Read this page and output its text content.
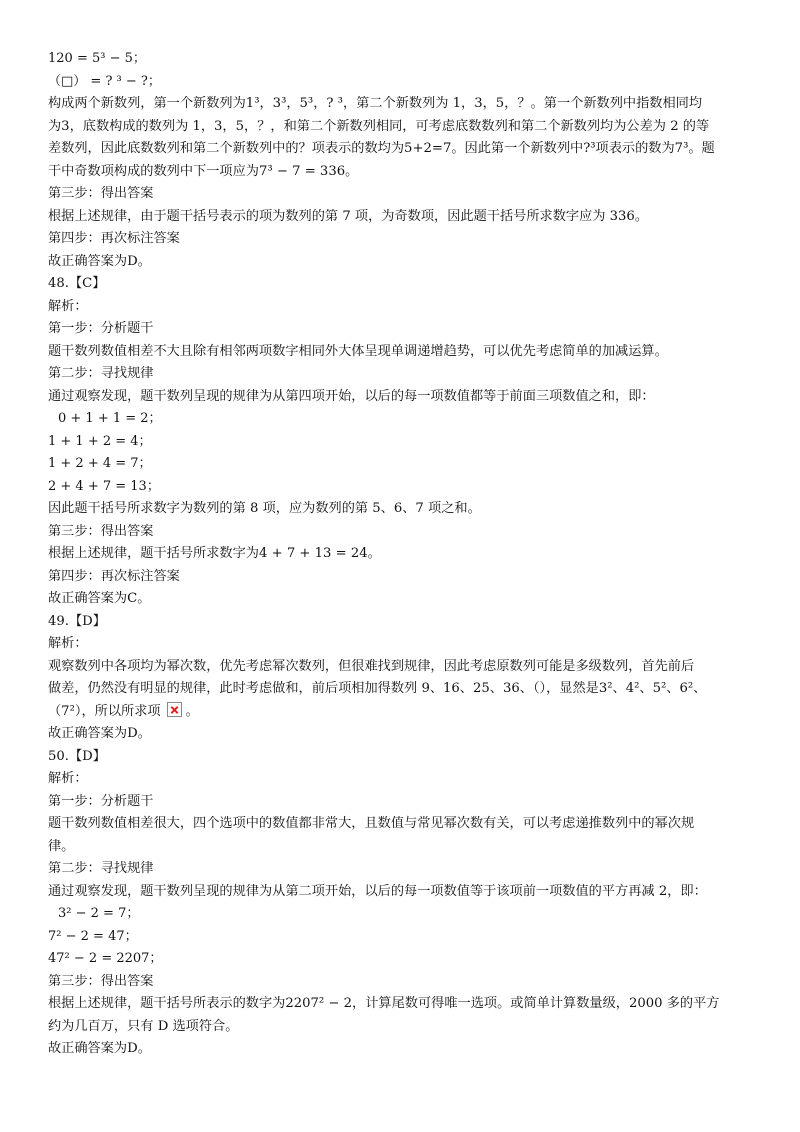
120 = 5³ − 5；
（□） = ? ³ − ?；
构成两个新数列，第一个新数列为1³，3³，5³，? ³，第二个新数列为 1，3，5，？。第一个新数列中指数相同均
为3，底数构成的数列为 1，3，5，？，和第二个新数列相同，可考虑底数数列和第二个新数列均为公差为 2 的等
差数列，因此底数数列和第二个新数列中的？项表示的数均为5+2=7。因此第一个新数列中?³项表示的数为7³。题
干中奇数项构成的数列中下一项应为7³ − 7 = 336。
第三步：得出答案
根据上述规律，由于题干括号表示的项为数列的第 7 项，为奇数项，因此题干括号所求数字应为 336。
第四步：再次标注答案
故正确答案为D。
48.【C】
解析：
第一步：分析题干
题干数列数值相差不大且除有相邻两项数字相同外大体呈现单调递增趋势，可以优先考虑简单的加减运算。
第二步：寻找规律
通过观察发现，题干数列呈现的规律为从第四项开始，以后的每一项数值都等于前面三项数值之和，即：
0 + 1 + 1 = 2；
1 + 1 + 2 = 4；
1 + 2 + 4 = 7；
2 + 4 + 7 = 13；
因此题干括号所求数字为数列的第 8 项，应为数列的第 5、6、7 项之和。
第三步：得出答案
根据上述规律，题干括号所求数字为4 + 7 + 13 = 24。
第四步：再次标注答案
故正确答案为C。
49.【D】
解析：
观察数列中各项均为幂次数，优先考虑幂次数列，但很难找到规律，因此考虑原数列可能是多级数列，首先前后
做差，仍然没有明显的规律，此时考虑做和，前后项相加得数列 9、16、25、36、（），显然是3²、4²、5²、6²、
（7²），所以所求项 。
故正确答案为D。
50.【D】
解析：
第一步：分析题干
题干数列数值相差很大，四个选项中的数值都非常大，且数值与常见幂次数有关，可以考虑递推数列中的幂次规
律。
第二步：寻找规律
通过观察发现，题干数列呈现的规律为从第二项开始，以后的每一项数值等于该项前一项数值的平方再减 2，即：
3² − 2 = 7；
7² − 2 = 47；
47² − 2 = 2207；
第三步：得出答案
根据上述规律，题干括号所表示的数字为2207² − 2，计算尾数可得唯一选项。或简单计算数量级，2000 多的平方
约为几百万，只有 D 选项符合。
故正确答案为D。
